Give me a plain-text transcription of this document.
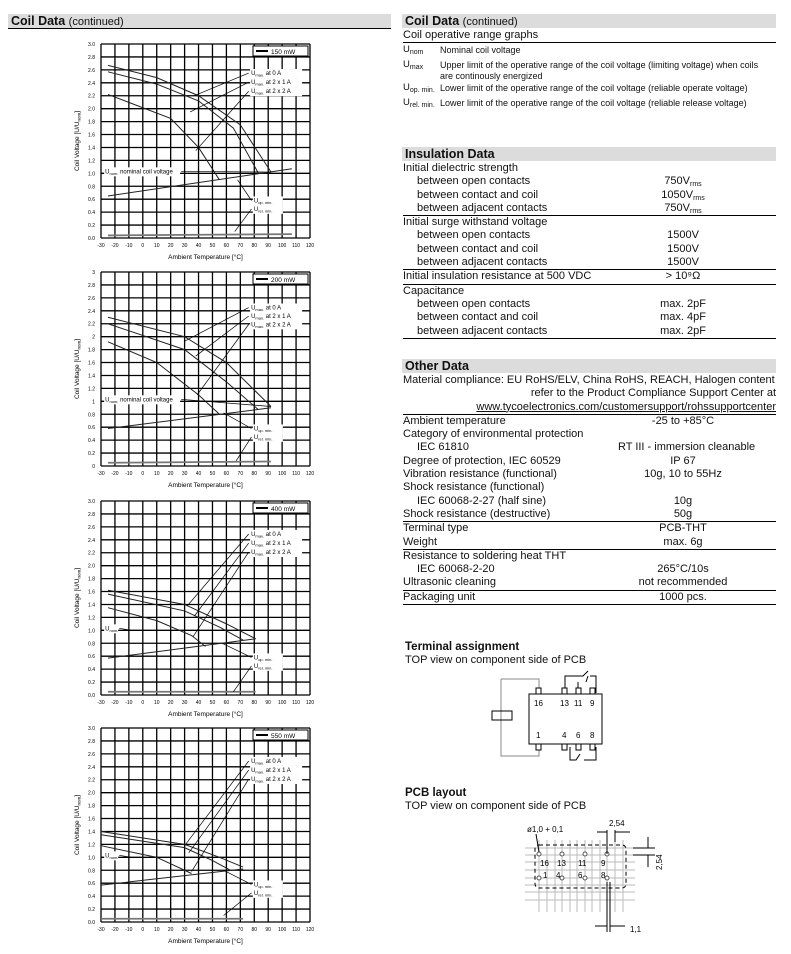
Coil Data (continued)
0.0
0.2
0.4
0.6
0.8
1.0
1.2
1.4
1.6
1.8
2.0
2.2
2.4
2.6
2.8
3.0
-30 -20 -10 0 10 20 30 40 50 60 70 80 90 100 110 120
Ambient Temperature [°C]
Coil Voltage $[U/U_{nom}]$
150 mW
$U_{max.}$ at 0 A
$U_{max.}$ at 2 x 1 A
$U_{max.}$ at 2 x 2 A
$U_{op. min.}$
$U_{rel. min.}$
$U_{nom.}$ nominal coil voltage
0
0.2
0.4
0.6
0.8
1
1.2
1.4
1.6
1.8
2
2.2
2.4
2.6
2.8
3
-30 -20 -10 0 10 20 30 40 50 60 70 80 90 100 110 120
Ambient Temperature [°C]
Coil Voltage $[U/U_{nom}]$
200 mW
$U_{max.}$ at 0 A
$U_{max.}$ at 2 x 1 A
$U_{max.}$ at 2 x 2 A
$U_{op. min.}$
$U_{rel. min.}$
$U_{nom.}$ nominal coil voltage
0.0
0.2
0.4
0.6
0.8
1.0
1.2
1.4
1.6
1.8
2.0
2.2
2.4
2.6
2.8
3.0
-30 -20 -10 0 10 20 30 40 50 60 70 80 90 100 110 120
Ambient Temperature [°C]
Coil Voltage $[U/U_{nom}]$
400 mW
$U_{max.}$ at 0 A
$U_{max.}$ at 2 x 1 A
$U_{max.}$ at 2 x 2 A
$U_{op. min.}$
$U_{rel. min.}$
$U_{nom.}$
0.0
0.2
0.4
0.6
0.8
1.0
1.2
1.4
1.6
1.8
2.0
2.2
2.4
2.6
2.8
3.0
-30 -20 -10 0 10 20 30 40 50 60 70 80 90 100 110 120
Ambient Temperature [°C]
Coil Voltage $[U/U_{nom}]$
550 mW
$U_{max.}$ at 0 A
$U_{max.}$ at 2 x 1 A
$U_{max.}$ at 2 x 2 A
$U_{op. min.}$
$U_{rel. min.}$
$U_{nom.}$
Coil Data (continued)
Coil operative range graphs
$U_{nom}$	Nominal coil voltage
$U_{max}$	Upper limit of the operative range of the coil voltage (limiting voltage) when coils are continously energized
$U_{op. min.}$ Lower limit of the operative range of the coil voltage (reliable operate voltage)
$U_{rel. min.}$ Lower limit of the operative range of the coil voltage (reliable release voltage)
Insulation Data
Initial dielectric strength
between open contacts	$750V_{rms}$
between contact and coil	$1050V_{rms}$
between adjacent contacts	$750V_{rms}$
Initial surge withstand voltage
between open contacts	1500V
between contact and coil	1500V
between adjacent contacts	1500V
Initial insulation resistance at 500 VDC	> 10⁹Ω
Capacitance
between open contacts	max. 2pF
between contact and coil	max. 4pF
between adjacent contacts	max. 2pF
Other Data
Material compliance: EU RoHS/ELV, China RoHS, REACH, Halogen content
refer to the Product Compliance Support Center at
www.tycoelectronics.com/customersupport/rohssupportcenter
Ambient temperature	-25 to +85°C
Category of environmental protection
IEC 61810	RT III - immersion cleanable
Degree of protection, IEC 60529	IP 67
Vibration resistance (functional)	10g, 10 to 55Hz
Shock resistance (functional)
IEC 60068-2-27 (half sine)	10g
Shock resistance (destructive)	50g
Terminal type	PCB-THT
Weight	max. 6g
Resistance to soldering heat THT
IEC 60068-2-20	265°C/10s
Ultrasonic cleaning	not recommended
Packaging unit	1000 pcs.
Terminal assignment
TOP view on component side of PCB
16 13 11 9
1	4 6 8
PCB layout
TOP view on component side of PCB
16 13 11 9
1 4 6 8
ø1,0 + 0,1
2,54
2,54
1,1
